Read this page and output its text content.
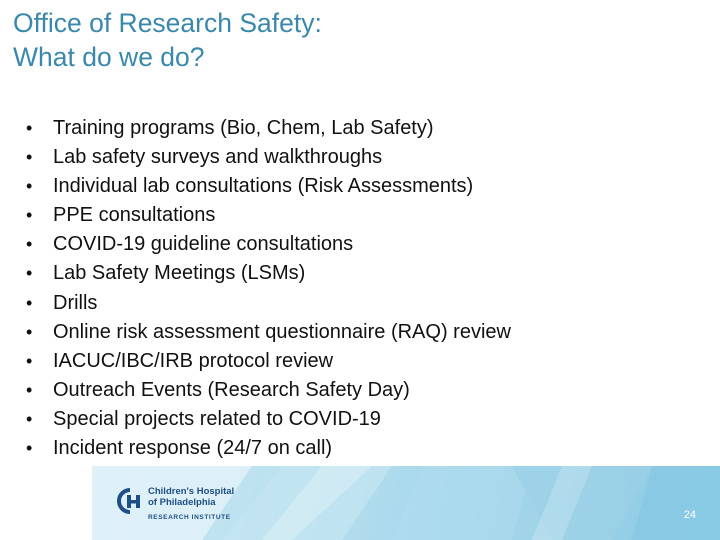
Office of Research Safety:
What do we do?
•	Training programs (Bio, Chem, Lab Safety)
•	Lab safety surveys and walkthroughs
•	Individual lab consultations (Risk Assessments)
•	PPE consultations
•	COVID-19 guideline consultations
•	Lab Safety Meetings (LSMs)
•	Drills
•	Online risk assessment questionnaire (RAQ) review
•	IACUC/IBC/IRB protocol review
•	Outreach Events (Research Safety Day)
•	Special projects related to COVID-19
•	Incident response (24/7 on call)
Children's Hospital
of Philadelphia
RESEARCH INSTITUTE	24
